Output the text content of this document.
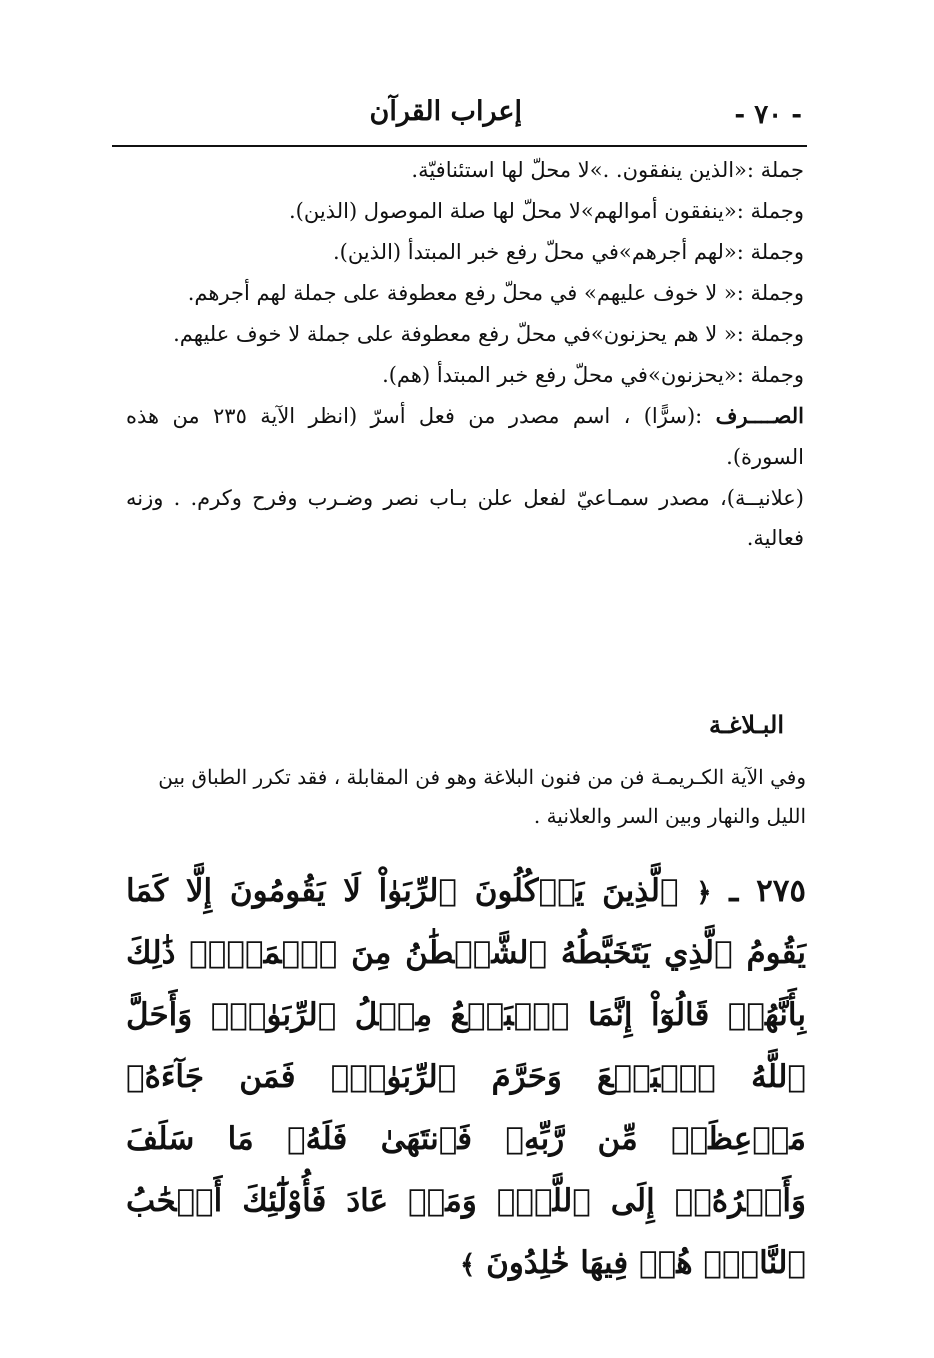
- ٧٠ -
إعراب القرآن

جملة :«الذين ينفقون. .»لا محلّ لها استئنافيّة.

وجملة :«ينفقون أموالهم»لا محلّ لها صلة الموصول (الذين).

وجملة :«لهم أجرهم»في محلّ رفع خبر المبتدأ (الذين).

وجملة :« لا خوف عليهم» في محلّ رفع معطوفة على جملة لهم أجرهم.

وجملة :« لا هم يحزنون»في محلّ رفع معطوفة على جملة لا خوف عليهم.

وجملة :«يحزنون»في محلّ رفع خبر المبتدأ (هم).

الصــــرف :(سرًّا) ، اسم مصدر من فعل أسرّ (انظر الآية ٢٣٥ من هذه السورة).

(علانيــة)، مصدر سمـاعيّ لفعل علن بـاب نصر وضـرب وفرح وكرم. . وزنه فعالية.

البـلاغـة
وفي الآية الكـريمـة فن من فنون البلاغة وهو فن المقابلة ، فقد تكرر الطباق بين الليل والنهار وبين السر والعلانية .
٢٧٥ ـ ﴿ ٱلَّذِينَ يَأۡكُلُونَ ٱلرِّبَوٰاْ لَا يَقُومُونَ إِلَّا كَمَا يَقُومُ ٱلَّذِي يَتَخَبَّطُهُ ٱلشَّيۡطَٰنُ مِنَ ٱلۡمَسِّۚ ذَٰلِكَ بِأَنَّهُمۡ قَالُوٓاْ إِنَّمَا ٱلۡبَيۡعُ مِثۡلُ ٱلرِّبَوٰاْۗ وَأَحَلَّ ٱللَّهُ ٱلۡبَيۡعَ وَحَرَّمَ ٱلرِّبَوٰاْۚ فَمَن جَآءَهُۥ مَوۡعِظَةٞ مِّن رَّبِّهِۦ فَٱنتَهَىٰ فَلَهُۥ مَا سَلَفَ وَأَمۡرُهُۥٓ إِلَى ٱللَّهِۖ وَمَنۡ عَادَ فَأُوْلَٰٓئِكَ أَصۡحَٰبُ ٱلنَّارِۖ هُمۡ فِيهَا خَٰلِدُونَ ﴾
